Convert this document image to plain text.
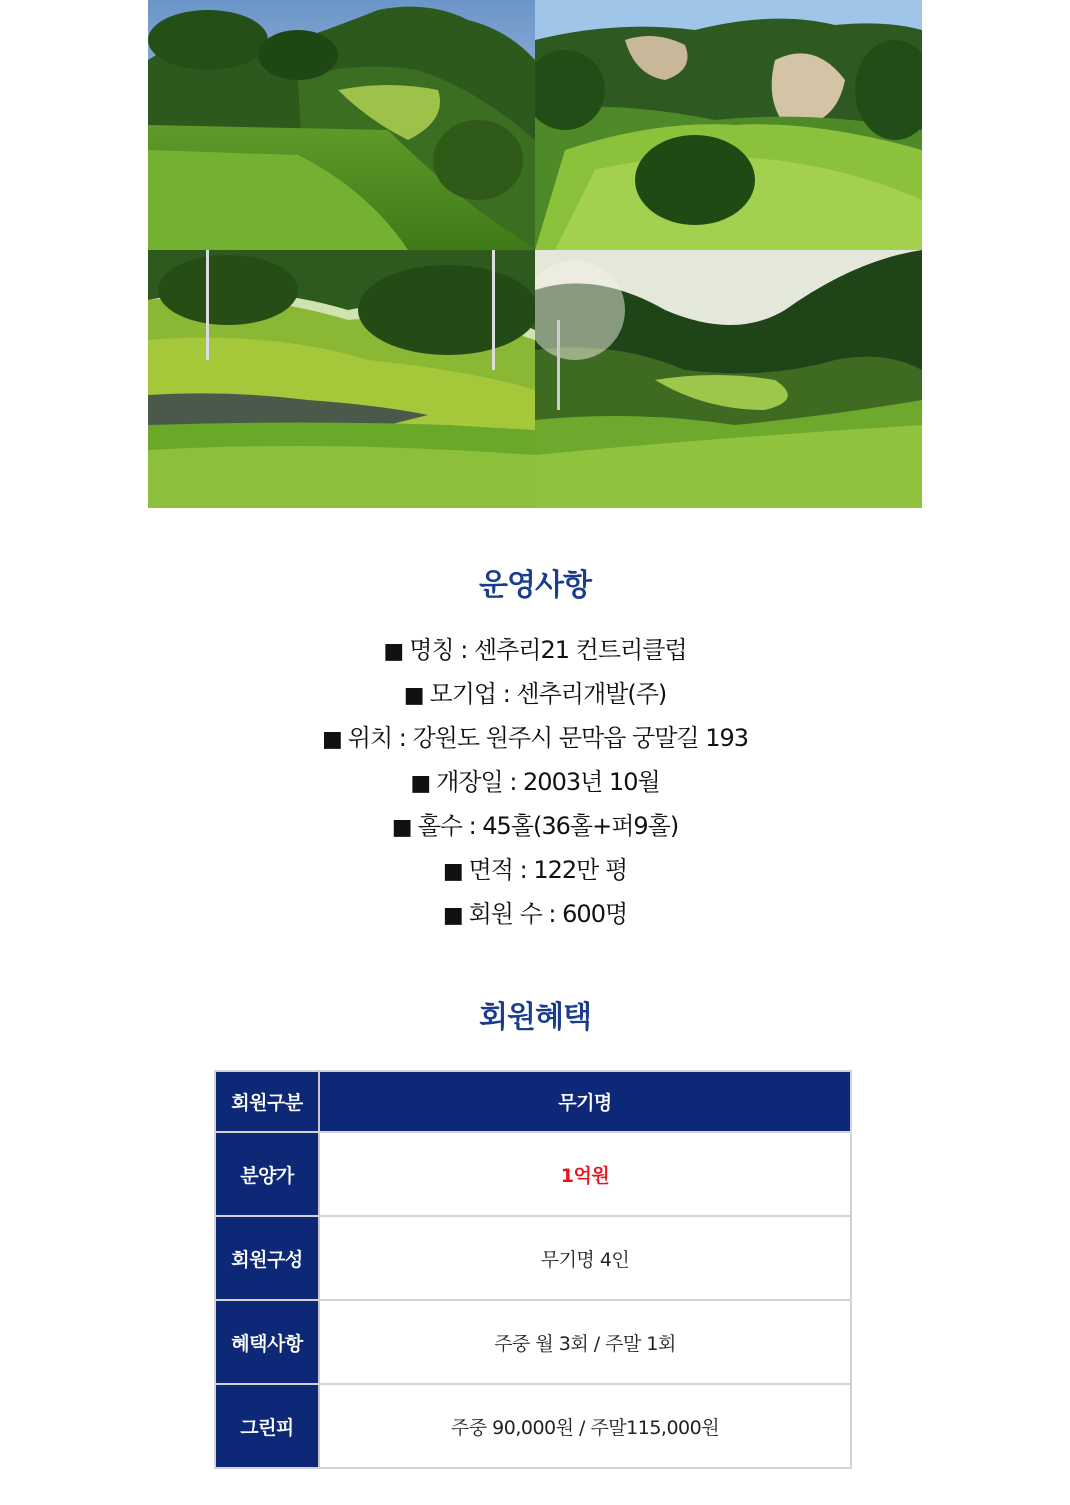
운영사항
■ 명칭 : 센추리21 컨트리클럽
■ 모기업 : 센추리개발(주)
■ 위치 : 강원도 원주시 문막읍 궁말길 193
■ 개장일 : 2003년 10월
■ 홀수 : 45홀(36홀+퍼9홀)
■ 면적 : 122만 평
■ 회원 수 : 600명
회원혜택
회원구분	무기명
분양가	1억원
회원구성	무기명 4인
혜택사항	주중 월 3회 / 주말 1회
그린피	주중 90,000원 / 주말115,000원
